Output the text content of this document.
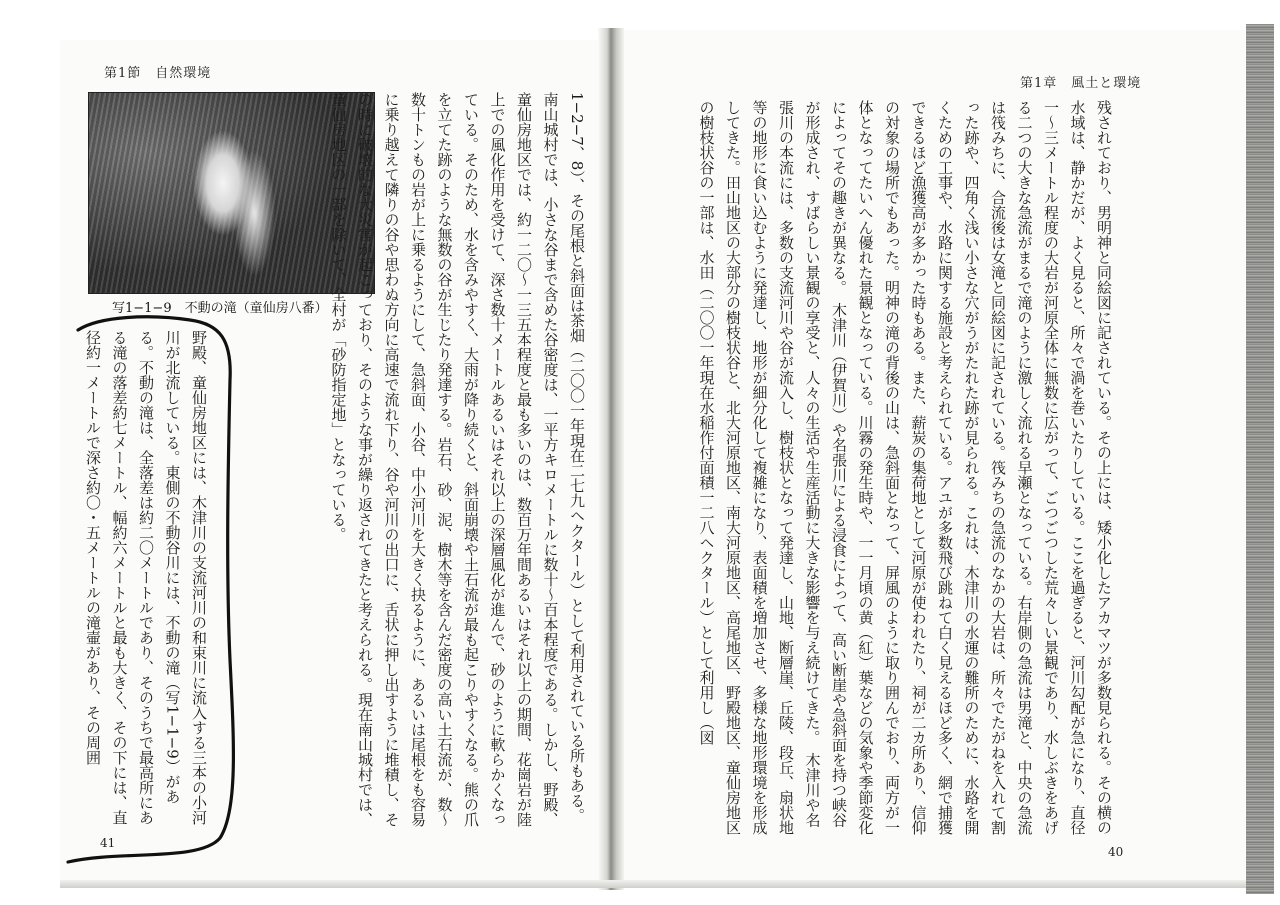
第1節　自然環境
第1章　風土と環境
写1−1−9　不動の滝（童仙房八番）	1−2−7、8）、その尾根と斜面は茶畑（二〇〇一年現在二七九ヘクタール）として利用されている所もある。南山城村では、小さな谷まで含めた谷密度は、一平方キロメートルに数十〜百本程度である。しかし、野殿、童仙房地区では、約一二〇〜一三五本程度と最も多いのは、数百万年間あるいはそれ以上の期間、花崗岩が陸上での風化作用を受けて、深さ数十メートルあるいはそれ以上の深層風化が進んで、砂のように軟らかくなっている。そのため、水を含みやすく、大雨が降り続くと、斜面崩壊や土石流が最も起こりやすくなる。熊の爪を立てた跡のような無数の谷が生じたり発達する。岩石、砂、泥、樹木等を含んだ密度の高い土石流が、数〜数十トンもの岩が上に乗るようにして、急斜面、小谷、中小河川を大きく抉るように、あるいは尾根をも容易に乗り越えて隣りの谷や思わぬ方向に高速で流れ下り、谷や河川の出口に、舌状に押し出すように堆積し、その時に破壊的な大災害が起こっており、そのような事が繰り返されてきたと考えられる。現在南山城村では、童仙房地区の一部を除いて、全村が「砂防指定地」となっている。

野殿、童仙房地区には、木津川の支流河川の和束川に流入する三本の小河川が北流している。東側の不動谷川には、不動の滝（写1−1−9）がある。不動の滝は、全落差は約二〇メートルであり、そのうちで最高所にある滝の落差約七メートル、幅約六メートルと最も大きく、その下には、直径約一メートルで深さ約〇・五メートルの滝壷があり、その周囲	残されており、男明神と同絵図に記されている。その上には、矮小化したアカマツが多数見られる。その横の水域は、静かだが、よく見ると、所々で渦を巻いたりしている。ここを過ぎると、河川勾配が急になり、直径一〜三メートル程度の大岩が河原全体に無数に広がって、ごつごつした荒々しい景観であり、水しぶきをあげる二つの大きな急流がまるで滝のように激しく流れる早瀬となっている。右岸側の急流は男滝と、中央の急流は筏みちに、合流後は女滝と同絵図に記されている。筏みちの急流のなかの大岩は、所々でたがねを入れて割った跡や、四角く浅い小さな穴がうがたれた跡が見られる。これは、木津川の水運の難所のために、水路を開くための工事や、水路に関する施設と考えられている。アユが多数飛び跳ねて白く見えるほど多く、網で捕獲できるほど漁獲高が多かった時もある。また、薪炭の集荷地として河原が使われたり、祠が二カ所あり、信仰の対象の場所でもあった。明神の滝の背後の山は、急斜面となって、屏風のように取り囲んでおり、両方が一体となってたいへん優れた景観となっている。川霧の発生時や、一一月頃の黄（紅）葉などの気象や季節変化によってその趣きが異なる。　木津川（伊賀川）や名張川による浸食によって、高い断崖や急斜面を持つ峡谷が形成され、すばらしい景観の享受と、人々の生活や生産活動に大きな影響を与え続けてきた。　木津川や名張川の本流には、多数の支流河川や谷が流入し、樹枝状となって発達し、山地、断層崖、丘陵、段丘、扇状地等の地形に食い込むように発達し、地形が細分化して複雑になり、表面積を増加させ、多様な地形環境を形成してきた。田山地区の大部分の樹枝状谷と、北大河原地区、南大河原地区、高尾地区、野殿地区、童仙房地区の樹枝状谷の一部は、水田（二〇〇一年現在水稲作付面積一二八ヘクタール）として利用し（図

41
40
